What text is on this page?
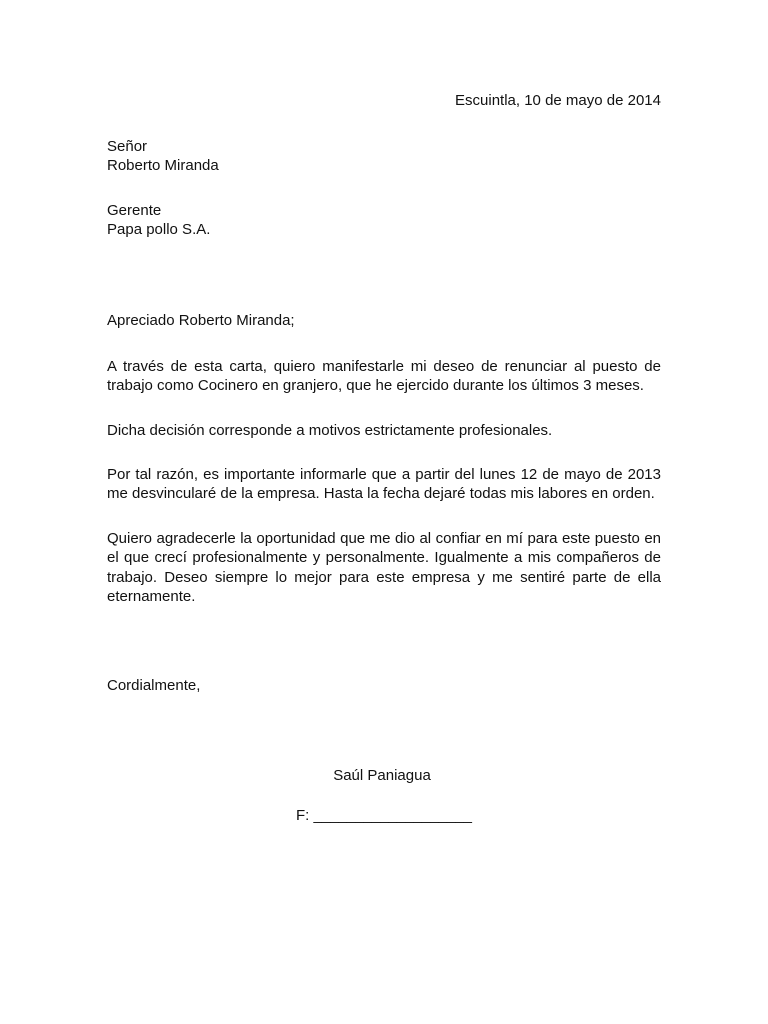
Escuintla, 10 de mayo de 2014
Señor
Roberto Miranda
Gerente
Papa pollo S.A.
Apreciado Roberto Miranda;
A través de esta carta, quiero manifestarle mi deseo de renunciar al puesto de trabajo como Cocinero en granjero, que he ejercido durante los últimos 3 meses.
Dicha decisión corresponde a motivos estrictamente profesionales.
Por tal razón, es importante informarle que a partir del lunes 12 de mayo de 2013 me desvincularé de la empresa. Hasta la fecha dejaré todas mis labores en orden.
Quiero agradecerle la oportunidad que me dio al confiar en mí para este puesto en el que crecí profesionalmente y personalmente. Igualmente a mis compañeros de trabajo. Deseo siempre lo mejor para este empresa y me sentiré parte de ella eternamente.
Cordialmente,
Saúl Paniagua
F: ___________________
